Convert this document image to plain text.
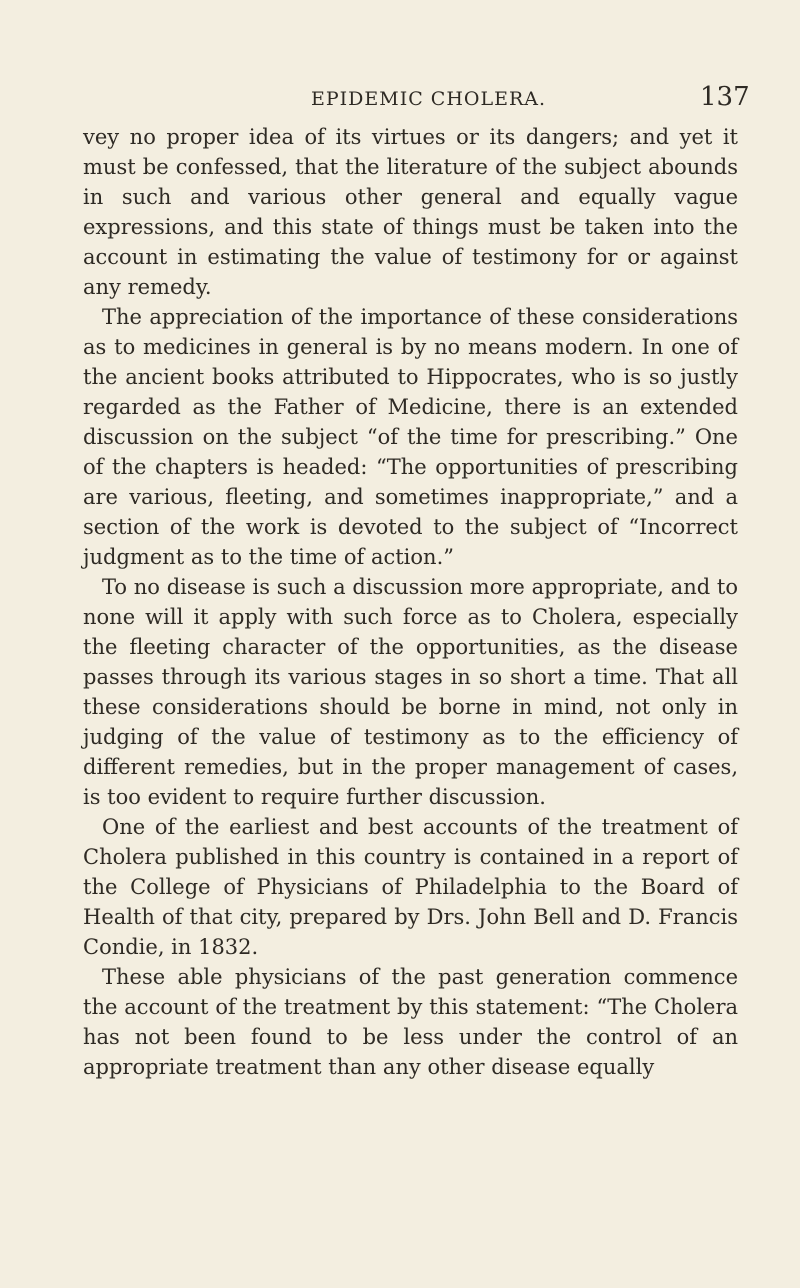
EPIDEMIC CHOLERA.	137

vey no proper idea of its virtues or its dangers; and yet it must be confessed, that the literature of the subject abounds in such and various other general and equally vague expressions, and this state of things must be taken into the account in estimating the value of testimony for or against any remedy.

The appreciation of the importance of these considerations as to medicines in general is by no means modern. In one of the ancient books attributed to Hippocrates, who is so justly regarded as the Father of Medicine, there is an extended discussion on the subject “of the time for prescribing.” One of the chapters is headed: “The opportunities of prescribing are various, fleeting, and sometimes inappropriate,” and a section of the work is devoted to the subject of “Incorrect judgment as to the time of action.”

To no disease is such a discussion more appropriate, and to none will it apply with such force as to Cholera, especially the fleeting character of the opportunities, as the disease passes through its various stages in so short a time. That all these considerations should be borne in mind, not only in judging of the value of testimony as to the efficiency of different remedies, but in the proper management of cases, is too evident to require further discussion.

One of the earliest and best accounts of the treatment of Cholera published in this country is contained in a report of the College of Physicians of Philadelphia to the Board of Health of that city, prepared by Drs. John Bell and D. Francis Condie, in 1832.

These able physicians of the past generation commence the account of the treatment by this statement: “The Cholera has not been found to be less under the control of an appropriate treatment than any other disease equally
